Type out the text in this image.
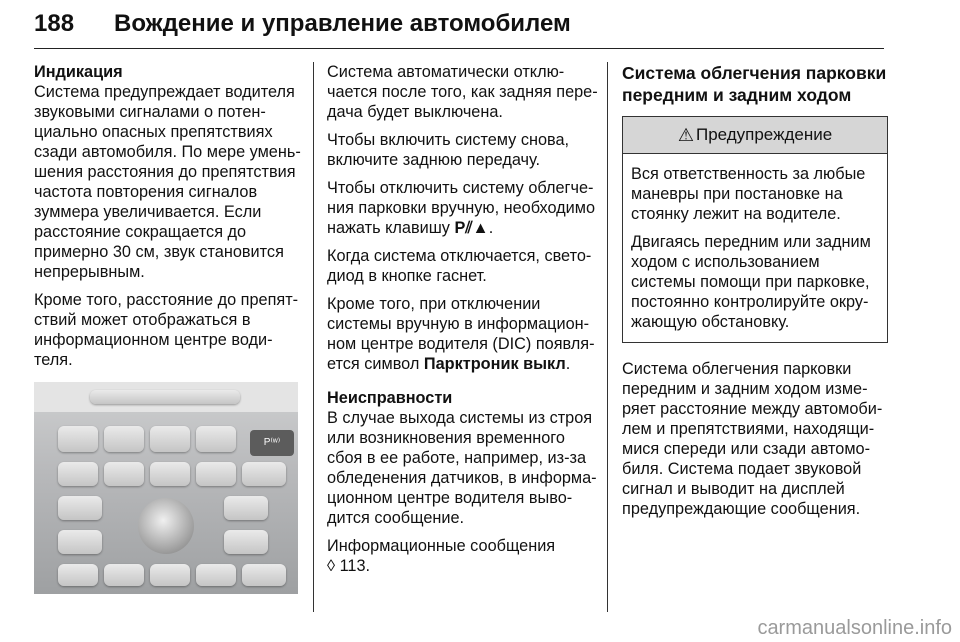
188 Вождение и управление автомобилем
Индикация

Система предупреждает водителя
звуковыми сигналами о потен-
циально опасных препятствиях
сзади автомобиля. По мере умень-
шения расстояния до препятствия
частота повторения сигналов
зуммера увеличивается. Если
расстояние сокращается до
примерно 30 см, звук становится
непрерывным.

Кроме того, расстояние до препят-
ствий может отображаться в
информационном центре води-
теля.

P⁽ʷ⁾

Система автоматически отклю-
чается после того, как задняя пере-
дача будет выключена.

Чтобы включить систему снова,
включите заднюю передачу.

Чтобы отключить систему облегче-
ния парковки вручную, необходимо
нажать клавишу P⫽▲.

Когда система отключается, свето-
диод в кнопке гаснет.

Кроме того, при отключении
системы вручную в информацион-
ном центре водителя (DIC) появля-
ется символ Парктроник выкл.

Неисправности

В случае выхода системы из строя
или возникновения временного
сбоя в ее работе, например, из-за
обледенения датчиков, в информа-
ционном центре водителя выво-
дится сообщение.

Информационные сообщения
◊ 113.

Система облегчения парковки
передним и задним ходом
⚠ Предупреждение

Вся ответственность за любые
маневры при постановке на
стоянку лежит на водителе.

Двигаясь передним или задним
ходом с использованием
системы помощи при парковке,
постоянно контролируйте окру-
жающую обстановку.

Система облегчения парковки
передним и задним ходом изме-
ряет расстояние между автомоби-
лем и препятствиями, находящи-
мися спереди или сзади автомо-
биля. Система подает звуковой
сигнал и выводит на дисплей
предупреждающие сообщения.

carmanualsonline.info
